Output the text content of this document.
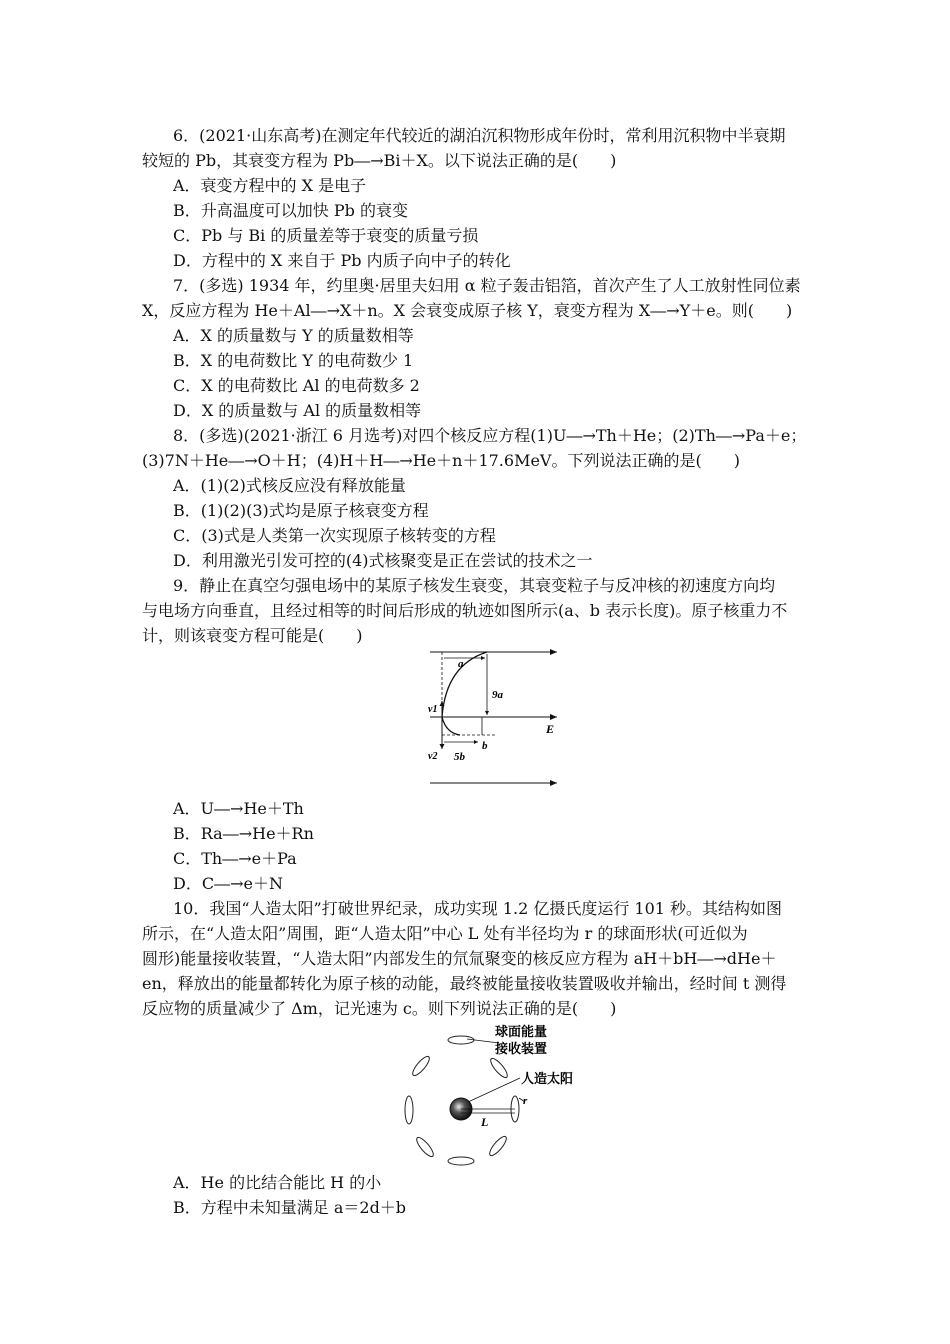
6．(2021·山东高考)在测定年代较近的湖泊沉积物形成年份时，常利用沉积物中半衰期
较短的 Pb，其衰变方程为 Pb―→Bi＋X。以下说法正确的是(　　)
A．衰变方程中的 X 是电子
B．升高温度可以加快 Pb 的衰变
C．Pb 与 Bi 的质量差等于衰变的质量亏损
D．方程中的 X 来自于 Pb 内质子向中子的转化
7．(多选) 1934 年，约里奥·居里夫妇用 α 粒子轰击铝箔，首次产生了人工放射性同位素
X，反应方程为 He＋Al―→X＋n。X 会衰变成原子核 Y，衰变方程为 X―→Y＋e。则(　　)
A．X 的质量数与 Y 的质量数相等
B．X 的电荷数比 Y 的电荷数少 1
C．X 的电荷数比 Al 的电荷数多 2
D．X 的质量数与 Al 的质量数相等
8．(多选)(2021·浙江 6 月选考)对四个核反应方程(1)U―→Th＋He；(2)Th―→Pa＋e；
(3)7N＋He―→O＋H；(4)H＋H―→He＋n＋17.6MeV。下列说法正确的是(　　)
A．(1)(2)式核反应没有释放能量
B．(1)(2)(3)式均是原子核衰变方程
C．(3)式是人类第一次实现原子核转变的方程
D．利用激光引发可控的(4)式核聚变是正在尝试的技术之一
9．静止在真空匀强电场中的某原子核发生衰变，其衰变粒子与反冲核的初速度方向均
与电场方向垂直，且经过相等的时间后形成的轨迹如图所示(a、b 表示长度)。原子核重力不
计，则该衰变方程可能是(　　)
a
9a
v1
v2
b
5b
E
A．U―→He＋Th
B．Ra―→He＋Rn
C．Th―→e＋Pa
D．C―→e＋N
10．我国“人造太阳”打破世界纪录，成功实现 1.2 亿摄氏度运行 101 秒。其结构如图
所示，在“人造太阳”周围，距“人造太阳”中心 L 处有半径均为 r 的球面形状(可近似为
圆形)能量接收装置，“人造太阳”内部发生的氘氚聚变的核反应方程为 aH＋bH―→dHe＋
en，释放出的能量都转化为原子核的动能，最终被能量接收装置吸收并输出，经时间 t 测得
反应物的质量减少了 Δm，记光速为 c。则下列说法正确的是(　　)
L
r
球面能量
接收装置
人造太阳
A．He 的比结合能比 H 的小
B．方程中未知量满足 a＝2d＋b
